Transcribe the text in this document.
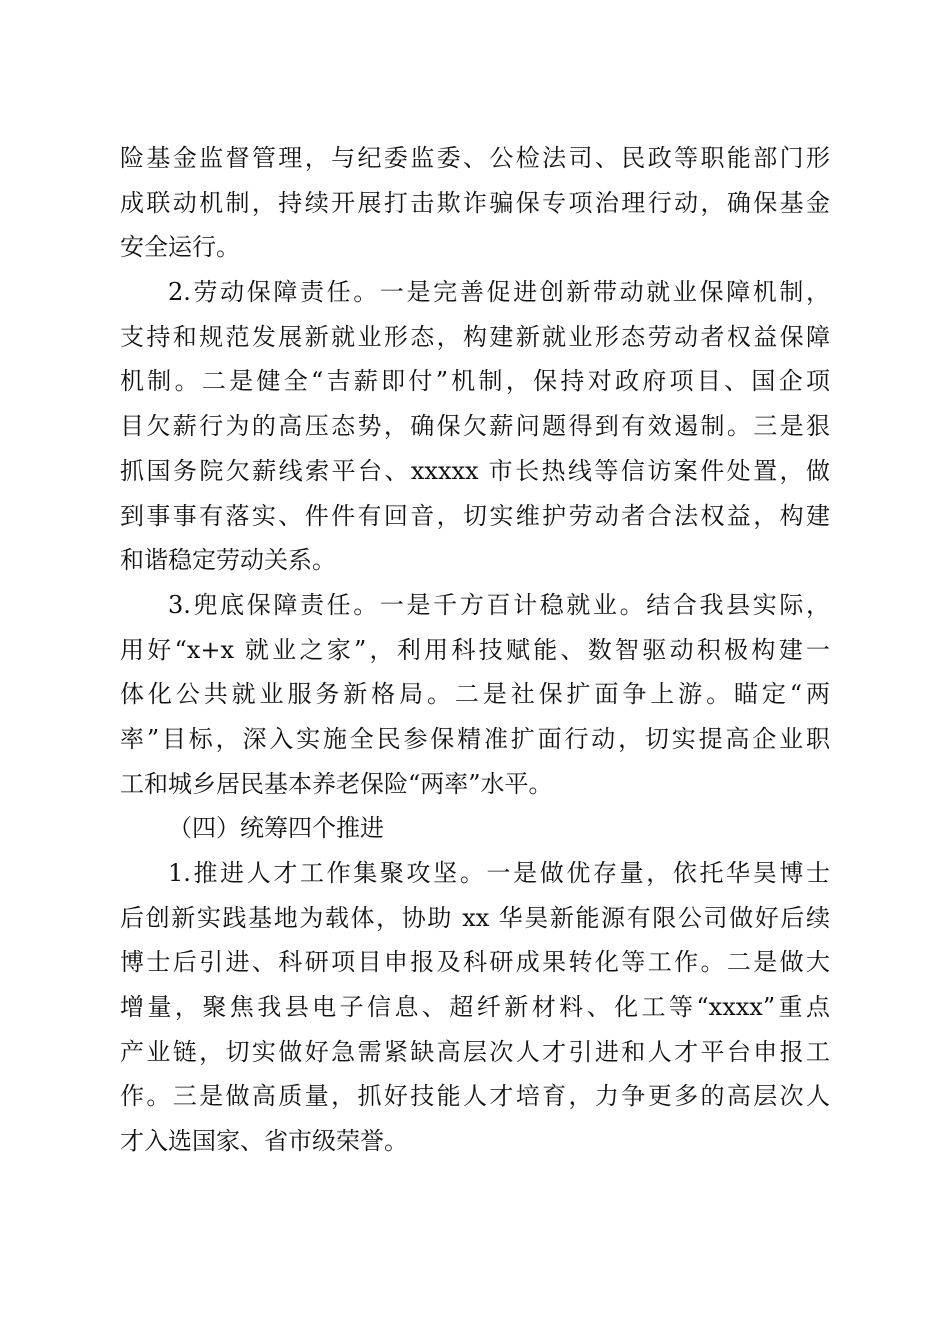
险基金监督管理，与纪委监委、公检法司、民政等职能部门形
成联动机制，持续开展打击欺诈骗保专项治理行动，确保基金
安全运行。
2.劳动保障责任。一是完善促进创新带动就业保障机制，
支持和规范发展新就业形态，构建新就业形态劳动者权益保障
机制。二是健全“吉薪即付”机制，保持对政府项目、国企项
目欠薪行为的高压态势，确保欠薪问题得到有效遏制。三是狠
抓国务院欠薪线索平台、xxxxx 市长热线等信访案件处置，做
到事事有落实、件件有回音，切实维护劳动者合法权益，构建
和谐稳定劳动关系。
3.兜底保障责任。一是千方百计稳就业。结合我县实际，
用好“x+x 就业之家”，利用科技赋能、数智驱动积极构建一
体化公共就业服务新格局。二是社保扩面争上游。瞄定“两
率”目标，深入实施全民参保精准扩面行动，切实提高企业职
工和城乡居民基本养老保险“两率”水平。
（四）统筹四个推进
1.推进人才工作集聚攻坚。一是做优存量，依托华昊博士
后创新实践基地为载体，协助 xx 华昊新能源有限公司做好后续
博士后引进、科研项目申报及科研成果转化等工作。二是做大
增量，聚焦我县电子信息、超纤新材料、化工等“xxxx”重点
产业链，切实做好急需紧缺高层次人才引进和人才平台申报工
作。三是做高质量，抓好技能人才培育，力争更多的高层次人
才入选国家、省市级荣誉。
